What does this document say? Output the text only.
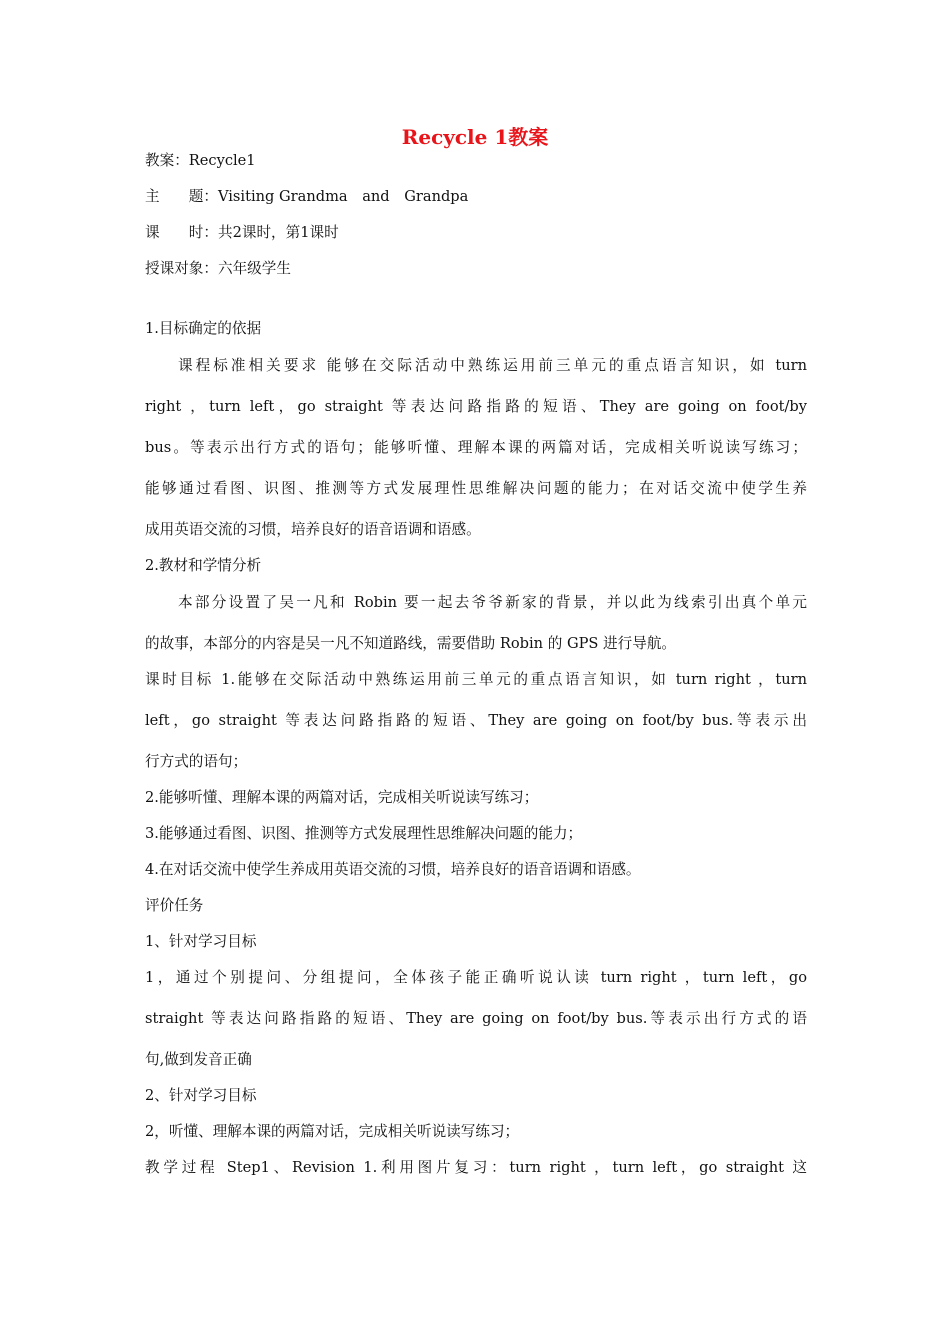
Recycle 1教案

教案：Recycle1

主　　题：Visiting Grandma　and　Grandpa

课　　时：共2课时，第1课时

授课对象：六年级学生

1.目标确定的依据

课程标准相关要求 能够在交际活动中熟练运用前三单元的重点语言知识，如 turn

right ，turn left，go straight 等表达问路指路的短语、They are going on foot/by

bus。等表示出行方式的语句；能够听懂、理解本课的两篇对话，完成相关听说读写练习；

能够通过看图、识图、推测等方式发展理性思维解决问题的能力；在对话交流中使学生养

成用英语交流的习惯，培养良好的语音语调和语感。

2.教材和学情分析

本部分设置了吴一凡和 Robin 要一起去爷爷新家的背景，并以此为线索引出真个单元

的故事，本部分的内容是吴一凡不知道路线，需要借助 Robin 的 GPS 进行导航。

课时目标 1.能够在交际活动中熟练运用前三单元的重点语言知识，如 turn right ，turn

left，go straight 等表达问路指路的短语、They are going on foot/by bus.等表示出

行方式的语句；

2.能够听懂、理解本课的两篇对话，完成相关听说读写练习；

3.能够通过看图、识图、推测等方式发展理性思维解决问题的能力；

4.在对话交流中使学生养成用英语交流的习惯，培养良好的语音语调和语感。

评价任务

1、针对学习目标

1，通过个别提问、分组提问，全体孩子能正确听说认读 turn right ，turn left，go

straight 等表达问路指路的短语、They are going on foot/by bus.等表示出行方式的语

句,做到发音正确

2、针对学习目标

2，听懂、理解本课的两篇对话，完成相关听说读写练习；

教学过程 Step1、Revision 1.利用图片复习：turn right ，turn left，go straight 这
